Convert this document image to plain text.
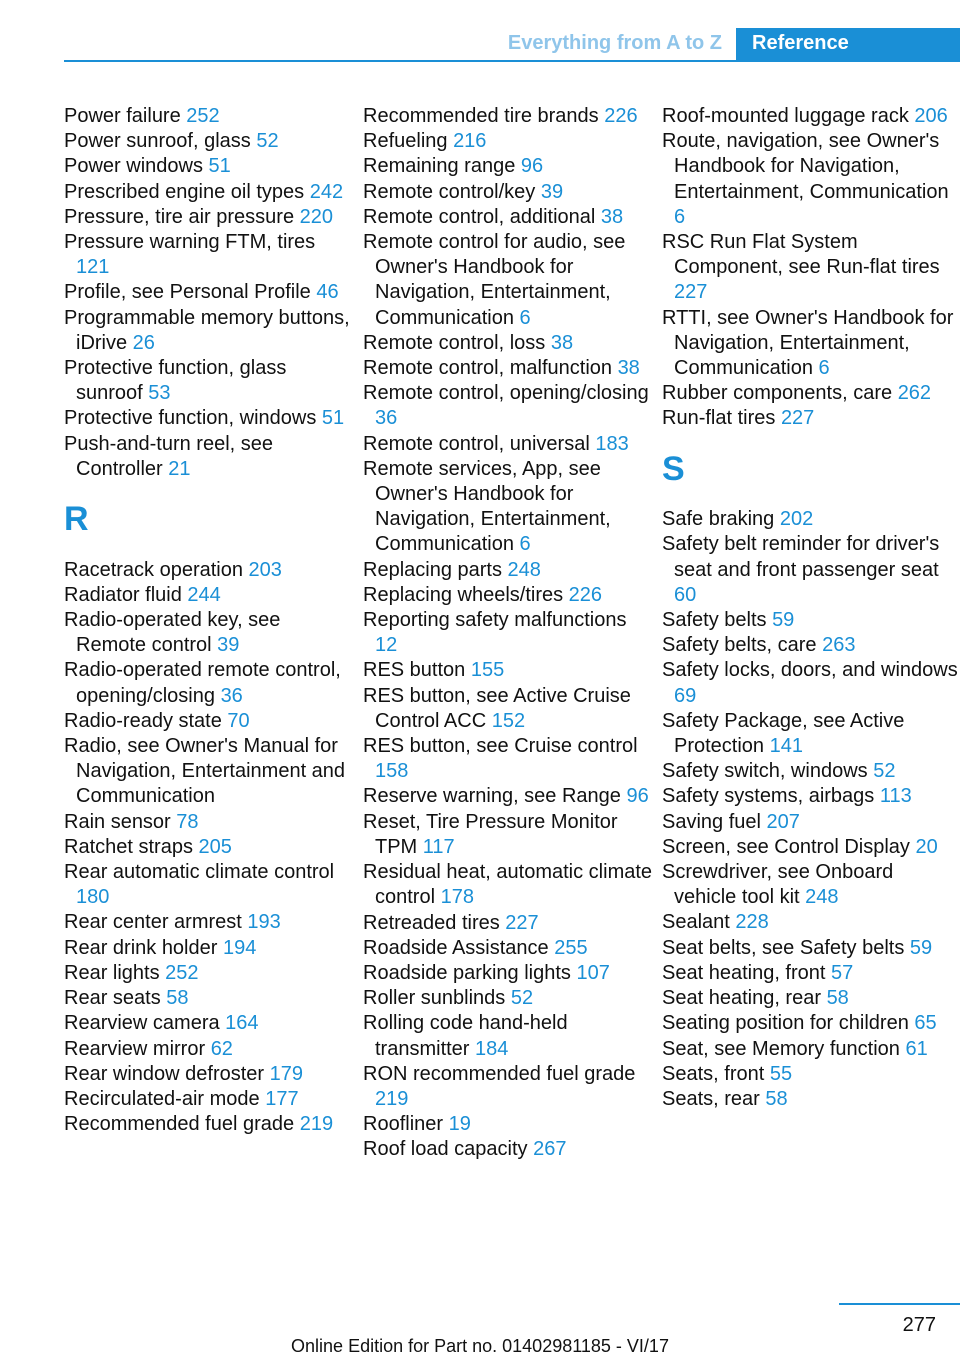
Everything from A to Z	Reference
Power failure 252
Power sunroof, glass 52
Power windows 51
Prescribed engine oil types 242
Pressure, tire air pressure 220
Pressure warning FTM, tires 121
Profile, see Personal Profile 46
Programmable memory buttons, iDrive 26
Protective function, glass sunroof 53
Protective function, windows 51
Push-and-turn reel, see Controller 21
R
Racetrack operation 203
Radiator fluid 244
Radio-operated key, see Remote control 39
Radio-operated remote control, opening/closing 36
Radio-ready state 70
Radio, see Owner's Manual for Navigation, Entertainment and Communication
Rain sensor 78
Ratchet straps 205
Rear automatic climate control 180
Rear center armrest 193
Rear drink holder 194
Rear lights 252
Rear seats 58
Rearview camera 164
Rearview mirror 62
Rear window defroster 179
Recirculated-air mode 177
Recommended fuel grade 219
Recommended tire brands 226
Refueling 216
Remaining range 96
Remote control/key 39
Remote control, additional 38
Remote control for audio, see Owner's Handbook for Navigation, Entertainment, Communication 6
Remote control, loss 38
Remote control, malfunction 38
Remote control, opening/closing 36
Remote control, universal 183
Remote services, App, see Owner's Handbook for Navigation, Entertainment, Communication 6
Replacing parts 248
Replacing wheels/tires 226
Reporting safety malfunctions 12
RES button 155
RES button, see Active Cruise Control ACC 152
RES button, see Cruise control 158
Reserve warning, see Range 96
Reset, Tire Pressure Monitor TPM 117
Residual heat, automatic climate control 178
Retreaded tires 227
Roadside Assistance 255
Roadside parking lights 107
Roller sunblinds 52
Rolling code hand-held transmitter 184
RON recommended fuel grade 219
Roofliner 19
Roof load capacity 267
Roof-mounted luggage rack 206
Route, navigation, see Owner's Handbook for Navigation, Entertainment, Communication 6
RSC Run Flat System Component, see Run-flat tires 227
RTTI, see Owner's Handbook for Navigation, Entertainment, Communication 6
Rubber components, care 262
Run-flat tires 227
S
Safe braking 202
Safety belt reminder for driver's seat and front passenger seat 60
Safety belts 59
Safety belts, care 263
Safety locks, doors, and windows 69
Safety Package, see Active Protection 141
Safety switch, windows 52
Safety systems, airbags 113
Saving fuel 207
Screen, see Control Display 20
Screwdriver, see Onboard vehicle tool kit 248
Sealant 228
Seat belts, see Safety belts 59
Seat heating, front 57
Seat heating, rear 58
Seating position for children 65
Seat, see Memory function 61
Seats, front 55
Seats, rear 58
277
Online Edition for Part no. 01402981185 - VI/17
